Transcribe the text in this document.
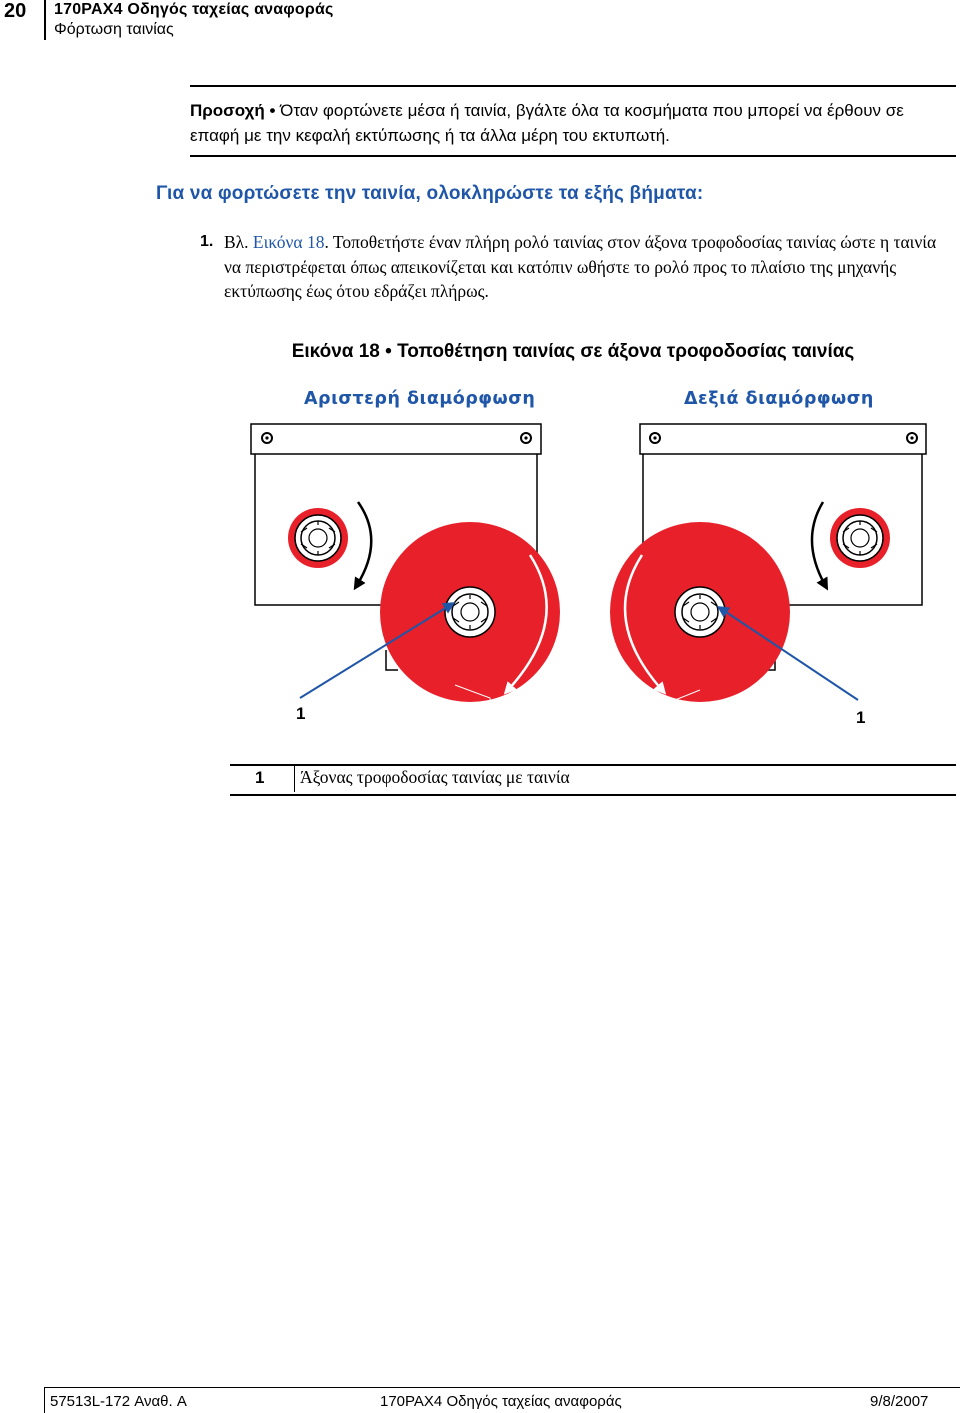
20 170PAX4 Οδηγός ταχείας αναφοράς
Φόρτωση ταινίας
Προσοχή • Όταν φορτώνετε μέσα ή ταινία, βγάλτε όλα τα κοσμήματα που μπορεί να έρθουν σε επαφή με την κεφαλή εκτύπωσης ή τα άλλα μέρη του εκτυπωτή.
Για να φορτώσετε την ταινία, ολοκληρώστε τα εξής βήματα:
1. Βλ. Εικόνα 18. Τοποθετήστε έναν πλήρη ρολό ταινίας στον άξονα τροφοδοσίας ταινίας ώστε η ταινία να περιστρέφεται όπως απεικονίζεται και κατόπιν ωθήστε το ρολό προς το πλαίσιο της μηχανής εκτύπωσης έως ότου εδράζει πλήρως.
Εικόνα 18 • Τοποθέτηση ταινίας σε άξονα τροφοδοσίας ταινίας
Αριστερή διαμόρφωση	Δεξιά διαμόρφωση
1	1
1 Άξονας τροφοδοσίας ταινίας με ταινία
57513L-172 Αναθ. A	170PAX4 Οδηγός ταχείας αναφοράς	9/8/2007
